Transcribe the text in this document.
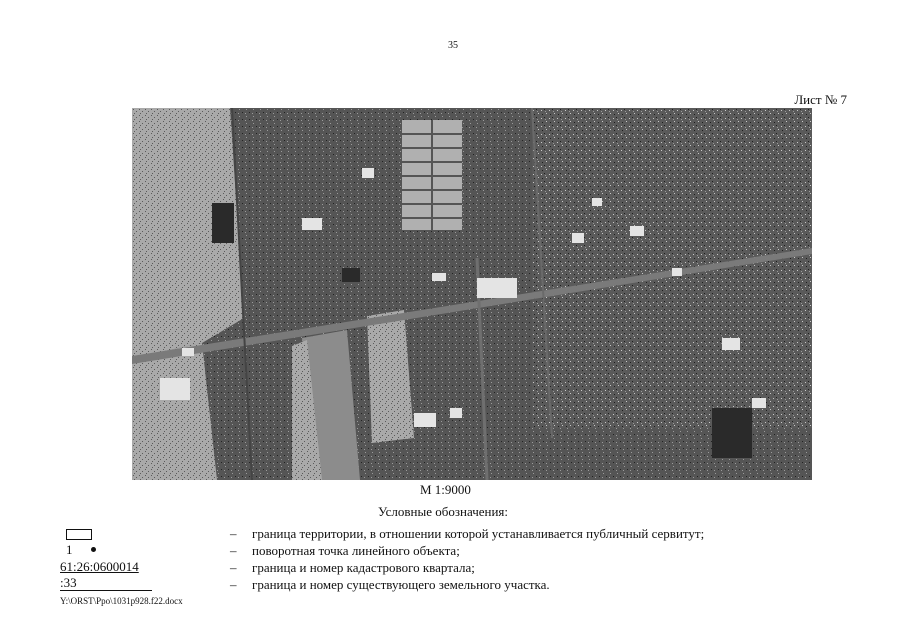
35
Лист № 7
М 1:9000
Условные обозначения:
1
61:26:0600014
:33
– граница территории, в отношении которой устанавливается публичный сервитут;
– поворотная точка линейного объекта;
– граница и номер кадастрового квартала;
– граница и номер существующего земельного участка.
Y:\ORST\Ppo\1031p928.f22.docx
